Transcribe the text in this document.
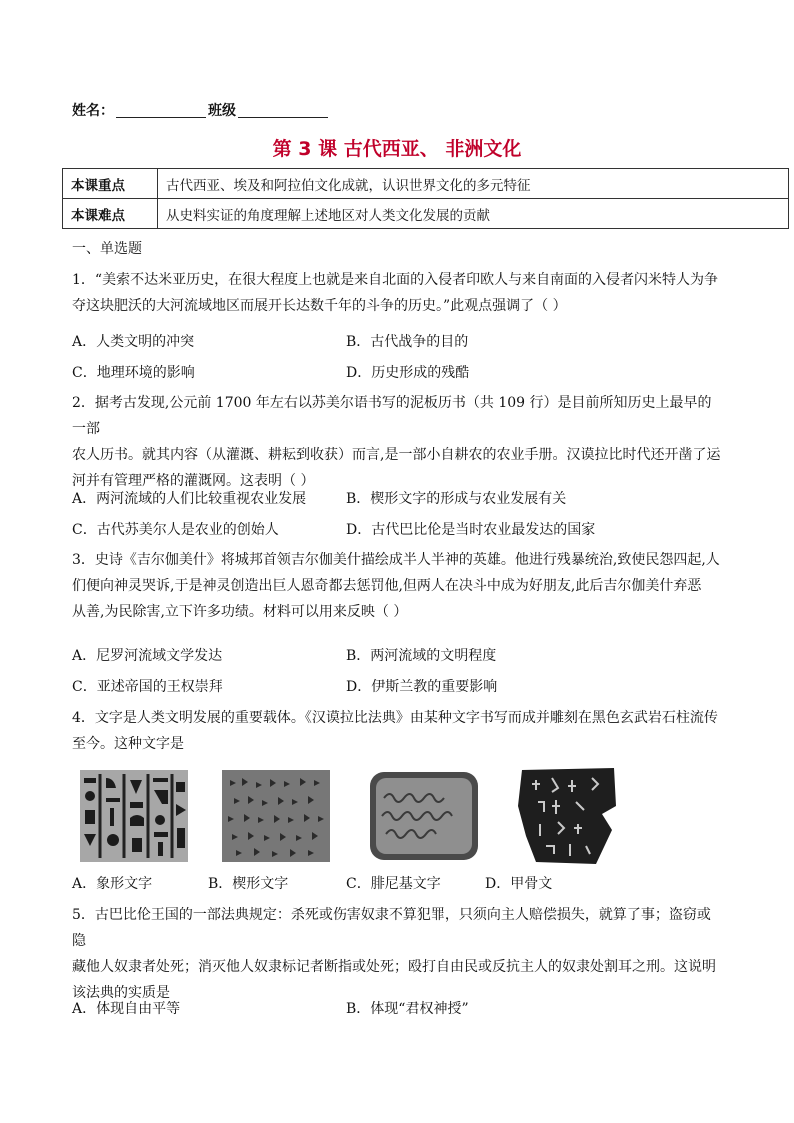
姓名：	班级
第 3 课 古代西亚、 非洲文化
本课重点	古代西亚、埃及和阿拉伯文化成就，认识世界文化的多元特征
本课难点	从史料实证的角度理解上述地区对人类文化发展的贡献
一、单选题
1．“美索不达米亚历史，在很大程度上也就是来自北面的入侵者印欧人与来自南面的入侵者闪米特人为争
夺这块肥沃的大河流域地区而展开长达数千年的斗争的历史。”此观点强调了（ ）
A．人类文明的冲突	B．古代战争的目的
C．地理环境的影响	D．历史形成的残酷
2．据考古发现,公元前 1700 年左右以苏美尔语书写的泥板历书（共 109 行）是目前所知历史上最早的一部
农人历书。就其内容（从灌溉、耕耘到收获）而言,是一部小自耕农的农业手册。汉谟拉比时代还开凿了运
河并有管理严格的灌溉网。这表明（ ）
A．两河流域的人们比较重视农业发展	B．楔形文字的形成与农业发展有关
C．古代苏美尔人是农业的创始人	D．古代巴比伦是当时农业最发达的国家
3．史诗《吉尔伽美什》将城邦首领吉尔伽美什描绘成半人半神的英雄。他进行残暴统治,致使民怨四起,人
们便向神灵哭诉,于是神灵创造出巨人恩奇都去惩罚他,但两人在决斗中成为好朋友,此后吉尔伽美什弃恶
从善,为民除害,立下许多功绩。材料可以用来反映（ ）
A．尼罗河流域文学发达	B．两河流域的文明程度
C．亚述帝国的王权崇拜	D．伊斯兰教的重要影响
4．文字是人类文明发展的重要载体。《汉谟拉比法典》由某种文字书写而成并雕刻在黑色玄武岩石柱流传
至今。这种文字是
A．象形文字	B．楔形文字	C．腓尼基文字	D．甲骨文
5．古巴比伦王国的一部法典规定：杀死或伤害奴隶不算犯罪，只须向主人赔偿损失，就算了事；盗窃或隐
藏他人奴隶者处死；消灭他人奴隶标记者断指或处死；殴打自由民或反抗主人的奴隶处割耳之刑。这说明
该法典的实质是
A．体现自由平等	B．体现“君权神授”
